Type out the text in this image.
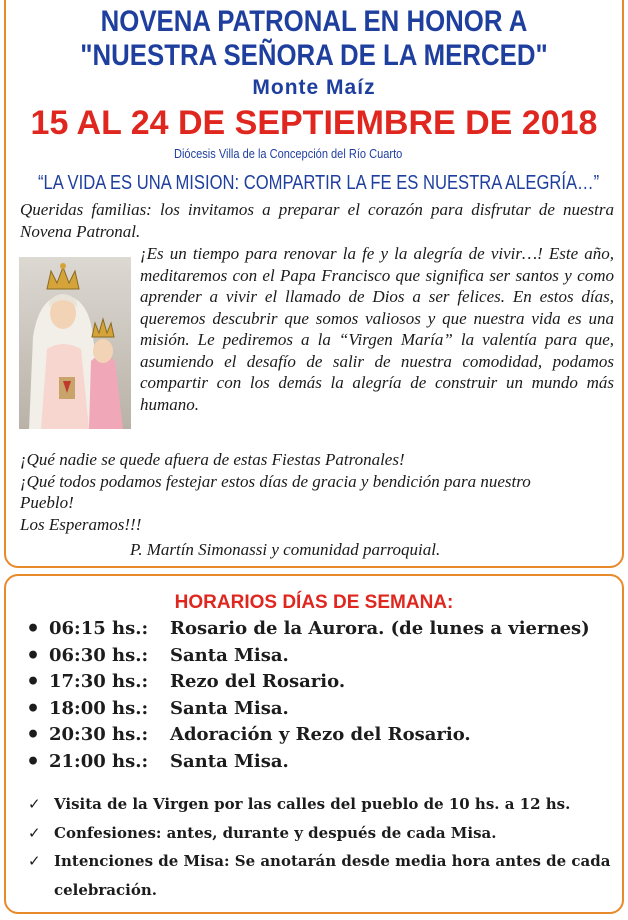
NOVENA PATRONAL EN HONOR A
"NUESTRA SEÑORA DE LA MERCED"
Monte Maíz
15 AL 24 DE SEPTIEMBRE DE 2018
Diócesis Villa de la Concepción del Río Cuarto
“LA VIDA ES UNA MISION: COMPARTIR LA FE ES NUESTRA ALEGRÍA…”
Queridas familias: los invitamos a preparar el corazón para disfrutar de nuestra Novena Patronal.
¡Es un tiempo para renovar la fe y la alegría de vivir…! Este año, meditaremos con el Papa Francisco que significa ser santos y como aprender a vivir el llamado de Dios a ser felices. En estos días, queremos descubrir que somos valiosos y que nuestra vida es una misión. Le pediremos a la “Virgen María” la valentía para que, asumiendo el desafío de salir de nuestra comodidad, podamos compartir con los demás la alegría de construir un mundo más humano.
¡Qué nadie se quede afuera de estas Fiestas Patronales!
¡Qué todos podamos festejar estos días de gracia y bendición para nuestro
Pueblo!
Los Esperamos!!!
P. Martín Simonassi y comunidad parroquial.
HORARIOS DÍAS DE SEMANA:
• 06:15 hs.: Rosario de la Aurora. (de lunes a viernes)
• 06:30 hs.: Santa Misa.
• 17:30 hs.: Rezo del Rosario.
• 18:00 hs.: Santa Misa.
• 20:30 hs.: Adoración y Rezo del Rosario.
• 21:00 hs.: Santa Misa.
✓ Visita de la Virgen por las calles del pueblo de 10 hs. a 12 hs.
✓ Confesiones: antes, durante y después de cada Misa.
✓ Intenciones de Misa: Se anotarán desde media hora antes de cada celebración.
